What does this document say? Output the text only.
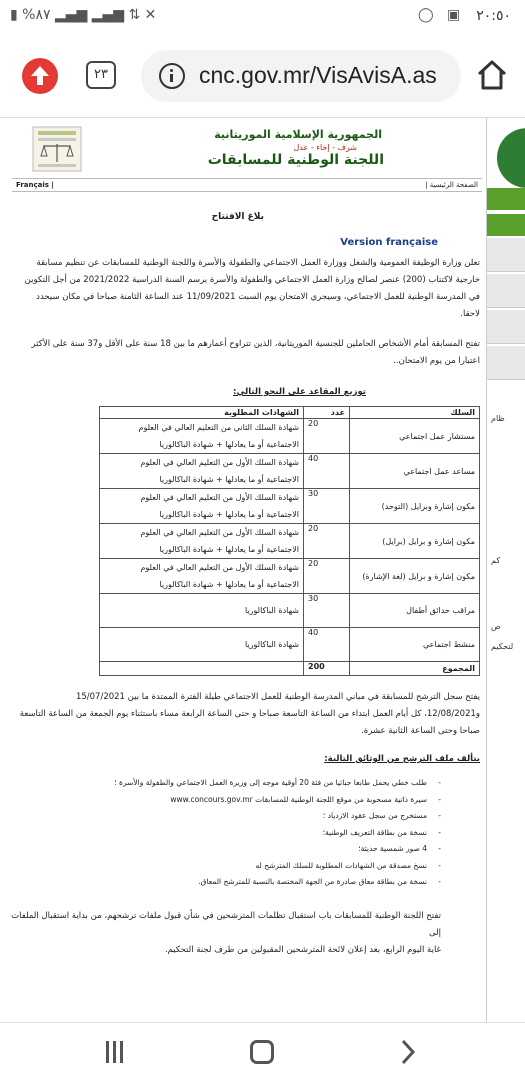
▮ %٨٧ ▂▄▆ ▂▄▆ ⇅ ✕	◯ ▣ ٢٠:٥٠
٢٣	cnc.gov.mr/VisAvisA.as
الجمهورية الإسلامية الموريتانية
شرف - إخاء - عدل
اللجنة الوطنية للمسابقات
Français |	الصفحة الرئيسية |
بلاغ الافتتاح
Version française
تعلن وزارة الوظيفة العمومية والشغل ووزارة العمل الاجتماعي والطفولة والأسرة واللجنة الوطنية للمسابقات عن تنظيم مسابقة
خارجية لاكتتاب (200) عنصر لصالح وزارة العمل الاجتماعي والطفولة والأسرة برسم السنة الدراسية 2021/2022 من أجل التكوين
في المدرسة الوطنية للعمل الاجتماعي، وسيجري الامتحان يوم السبت 11/09/2021 عند الساعة الثامنة صباحا في مكان سيحدد
لاحقا.
تفتح المسابقة أمام الأشخاص الحاملين للجنسية الموريتانية، الذين تتراوح أعمارهم ما بين 18 سنة على الأقل و37 سنة على الأكثر
اعتبارا من يوم الامتحان..
توزيع المقاعد على النحو التالي:
السلك	عدد	الشهادات المطلوبة
مستشار عمل اجتماعي	20	شهادة السلك الثاني من التعليم العالي في العلوم
الاجتماعية أو ما يعادلها + شهادة الباكالوريا

مساعد عمل اجتماعي	40	شهادة السلك الأول من التعليم العالي في العلوم
الاجتماعية أو ما يعادلها + شهادة الباكالوريا

مكون إشارة وبرايل (التوحد)	30	شهادة السلك الأول من التعليم العالي في العلوم
الاجتماعية أو ما يعادلها + شهادة الباكالوريا

مكون إشارة و برايل (برايل)	20	شهادة السلك الأول من التعليم العالي في العلوم
الاجتماعية أو ما يعادلها + شهادة الباكالوريا

مكون إشارة و برايل (لغة الإشارة)	20	شهادة السلك الأول من التعليم العالي في العلوم
الاجتماعية أو ما يعادلها + شهادة الباكالوريا

مراقب حدائق أطفال	30	شهادة الباكالوريا

منشط اجتماعي	40	شهادة الباكالوريا

المجموع	200	
يفتح سجل الترشح للمسابقة في مباني المدرسة الوطنية للعمل الاجتماعي طيلة الفترة الممتدة ما بين 15/07/2021
و12/08/2021، كل أيام العمل ابتداء من الساعة التاسعة صباحا و حتى الساعة الرابعة مساء باستثناء يوم الجمعة من الساعة التاسعة
صباحا وحتى الساعة الثانية عشرة.
يتألف ملف الترشح من الوثائق التالية:
- طلب خطي يحمل طابعا جبائيا من فئة 20 أوقية موجه إلى وزيرة العمل الاجتماعي والطفولة والأسرة ؛
- سيرة ذاتية مسحوبة من موقع اللجنة الوطنية للمسابقات www.concours.gov.mr
- مستخرج من سجل عقود الازدياد ؛
- نسخة من بطاقة التعريف الوطنية؛
- 4 صور شمسية حديثة؛
- نسخ مصدقة من الشهادات المطلوبة للسلك المترشح له
- نسخة من بطاقة معاق صادرة من الجهة المختصة بالنسبة للمترشح المعاق.
تفتح اللجنة الوطنية للمسابقات باب استقبال تظلمات المترشحين في شأن قبول ملفات ترشحهم، من بداية استقبال الملفات إلى
غاية اليوم الرابع، بعد إعلان لائحة المترشحين المقبولين من طرف لجنة التحكيم.
ظام
كم
ص
لتحكيم
